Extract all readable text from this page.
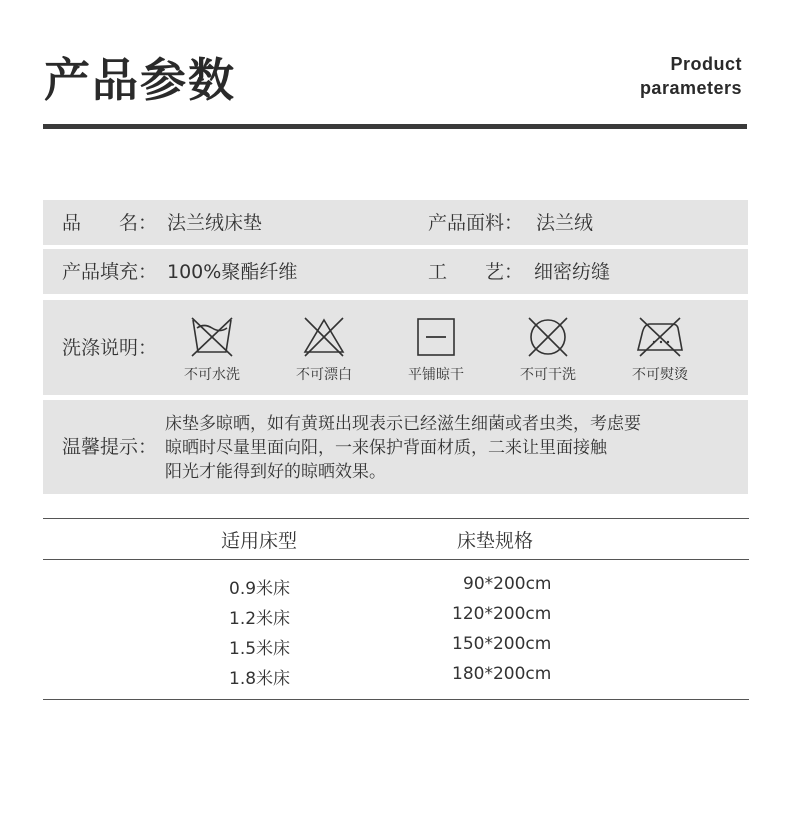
产品参数	Product
parameters
品　　名： 法兰绒床垫	产品面料： 法兰绒
产品填充： 100%聚酯纤维	工　　艺： 细密纺缝
洗涤说明：
不可水洗	不可漂白	平铺晾干	不可干洗	不可熨烫
温馨提示：
床垫多晾晒，如有黄斑出现表示已经滋生细菌或者虫类，考虑要
晾晒时尽量里面向阳，一来保护背面材质，二来让里面接触
阳光才能得到好的晾晒效果。
适用床型	床垫规格
0.9米床	90*200cm
1.2米床	120*200cm
1.5米床	150*200cm
1.8米床	180*200cm
